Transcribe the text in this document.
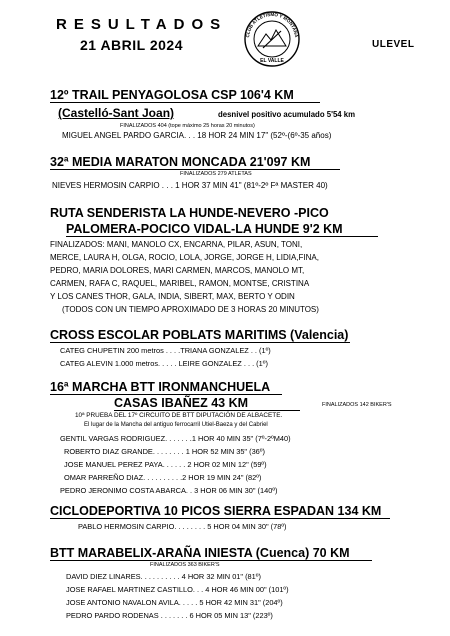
RESULTADOS
21 ABRIL 2024
CLUB ATLETISMO Y MONTAÑA
EL VALLE
ULEVEL
12º TRAIL PENYAGOLOSA CSP 106'4 KM
(Castelló-Sant Joan)	desnivel positivo acumulado 5'54 km
FINALIZADOS 404 (tope máximo 25 horas 20 minutos)
MIGUEL ANGEL PARDO GARCIA. . . 18 HOR 24 MIN 17" (52º-(6º-35 años)
32ª MEDIA MARATON MONCADA 21'097 KM
FINALIZADOS 279 ATLETAS
NIEVES HERMOSIN CARPIO . . . 1 HOR 37 MIN 41" (81º-2º Fª MASTER 40)
RUTA SENDERISTA LA HUNDE-NEVERO -PICO
PALOMERA-POCICO VIDAL-LA HUNDE 9'2 KM
FINALIZADOS: MANI, MANOLO CX, ENCARNA, PILAR, ASUN, TONI,
MERCE, LAURA H, OLGA, ROCIO, LOLA, JORGE, JORGE H, LIDIA,FINA,
PEDRO, MARIA DOLORES, MARI CARMEN, MARCOS, MANOLO MT,
CARMEN, RAFA C, RAQUEL, MARIBEL, RAMON, MONTSE, CRISTINA
Y LOS CANES THOR, GALA, INDIA, SIBERT, MAX, BERTO Y ODIN
(TODOS CON UN TIEMPO APROXIMADO DE 3 HORAS 20 MINUTOS)
CROSS ESCOLAR POBLATS MARITIMS (Valencia)
CATEG CHUPETIN 200 metros . . . .TRIANA GONZALEZ . . (1º)
CATEG ALEVIN 1.000 metros. . . . . LEIRE GONZALEZ . . . (1º)
16ª MARCHA BTT IRONMANCHUELA
CASAS IBAÑEZ 43 KM	FINALIZADOS 142 BIKER'S
10ª PRUEBA DEL 17º CIRCUITO DE BTT DIPUTACIÓN DE ALBACETE.
El lugar de la Mancha del antiguo ferrocarril Utiel-Baeza y del Cabriel
GENTIL VARGAS RODRIGUEZ. . . . . . .1 HOR 40 MIN 35" (7º-2ºM40)
ROBERTO DIAZ GRANDE. . . . . . . . 1 HOR 52 MIN 35" (36º)
JOSE MANUEL PEREZ PAYA. . . . . . 2 HOR 02 MIN 12" (59º)
OMAR PARREÑO DIAZ. . . . . . . . . .2 HOR 19 MIN 24" (82º)
PEDRO JERONIMO COSTA ABARCA. . 3 HOR 06 MIN 30" (140º)
CICLODEPORTIVA 10 PICOS SIERRA ESPADAN 134 KM
PABLO HERMOSIN CARPIO. . . . . . . . 5 HOR 04 MIN 30" (78º)
BTT MARABELIX-ARAÑA INIESTA (Cuenca) 70 KM
FINALIZADOS 363 BIKER'S
DAVID DIEZ LINARES. . . . . . . . . . 4 HOR 32 MIN 01" (81º)
JOSE RAFAEL MARTINEZ CASTILLO. . . 4 HOR 46 MIN 00" (101º)
JOSE ANTONIO NAVALON AVILA. . . . . 5 HOR 42 MIN 31" (204º)
PEDRO PARDO RODENAS . . . . . . . 6 HOR 05 MIN 13" (223º)
